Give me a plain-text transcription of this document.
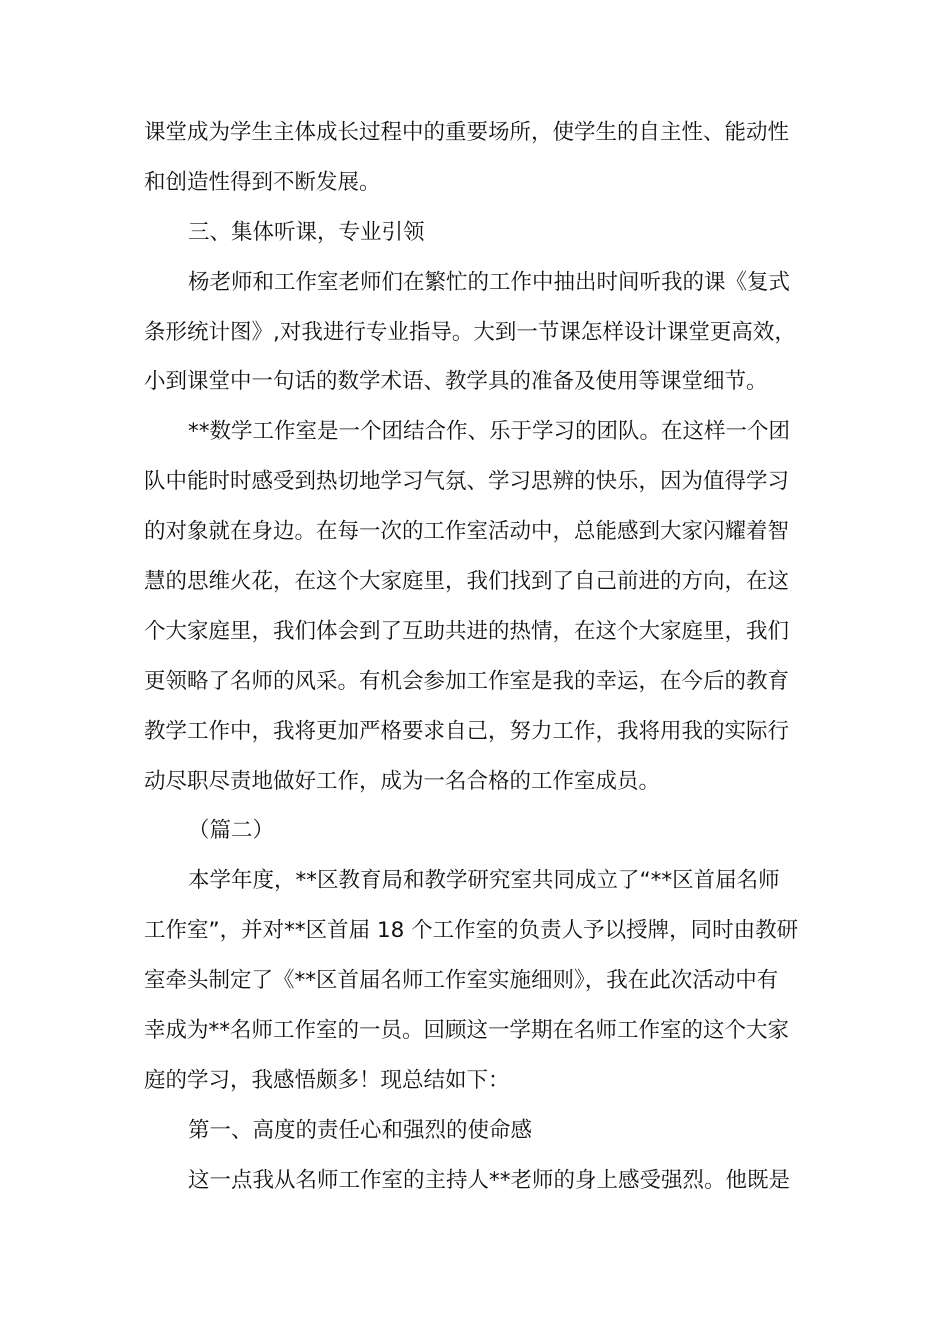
课堂成为学生主体成长过程中的重要场所，使学生的自主性、能动性
和创造性得到不断发展。
三、集体听课，专业引领
杨老师和工作室老师们在繁忙的工作中抽出时间听我的课《复式
条形统计图》,对我进行专业指导。大到一节课怎样设计课堂更高效，
小到课堂中一句话的数学术语、教学具的准备及使用等课堂细节。
**数学工作室是一个团结合作、乐于学习的团队。在这样一个团
队中能时时感受到热切地学习气氛、学习思辨的快乐，因为值得学习
的对象就在身边。在每一次的工作室活动中，总能感到大家闪耀着智
慧的思维火花，在这个大家庭里，我们找到了自己前进的方向，在这
个大家庭里，我们体会到了互助共进的热情，在这个大家庭里，我们
更领略了名师的风采。有机会参加工作室是我的幸运，在今后的教育
教学工作中，我将更加严格要求自己，努力工作，我将用我的实际行
动尽职尽责地做好工作，成为一名合格的工作室成员。
（篇二）
本学年度，**区教育局和教学研究室共同成立了“**区首届名师
工作室”，并对**区首届 18 个工作室的负责人予以授牌，同时由教研
室牵头制定了《**区首届名师工作室实施细则》，我在此次活动中有
幸成为**名师工作室的一员。回顾这一学期在名师工作室的这个大家
庭的学习，我感悟颇多！现总结如下：
第一、高度的责任心和强烈的使命感
这一点我从名师工作室的主持人**老师的身上感受强烈。他既是
